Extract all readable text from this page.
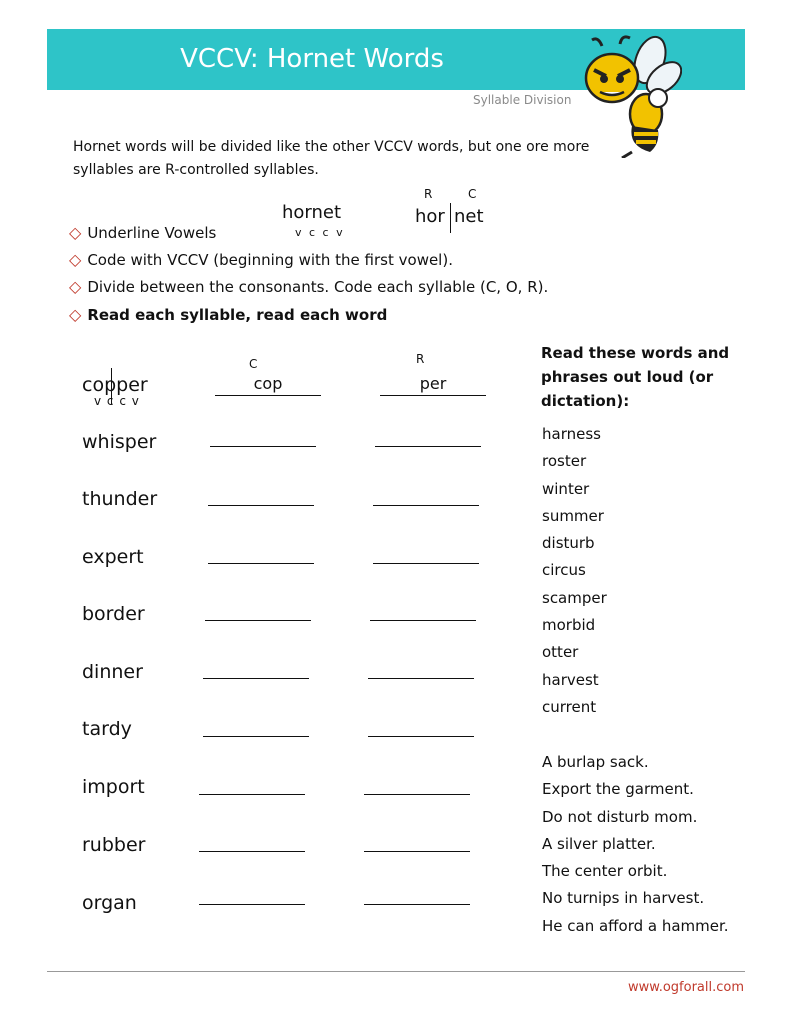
VCCV: Hornet Words
Syllable Division
Hornet words will be divided like the other VCCV words, but one ore more syllables are R-controlled syllables.
hornet
v c c v
R	C
hor net
◇ Underline Vowels
◇ Code with VCCV (beginning with the first vowel).
◇ Divide between the consonants. Code each syllable (C, O, R).
◇ Read each syllable, read each word
copper
v c c v
C	R
cop	per
whisper
thunder
expert
border
dinner
tardy
import
rubber
organ
Read these words and phrases out loud (or dictation):
harness
roster
winter
summer
disturb
circus
scamper
morbid
otter
harvest
current
A burlap sack.
Export the garment.
Do not disturb mom.
A silver platter.
The center orbit.
No turnips in harvest.
He can afford a hammer.
www.ogforall.com
